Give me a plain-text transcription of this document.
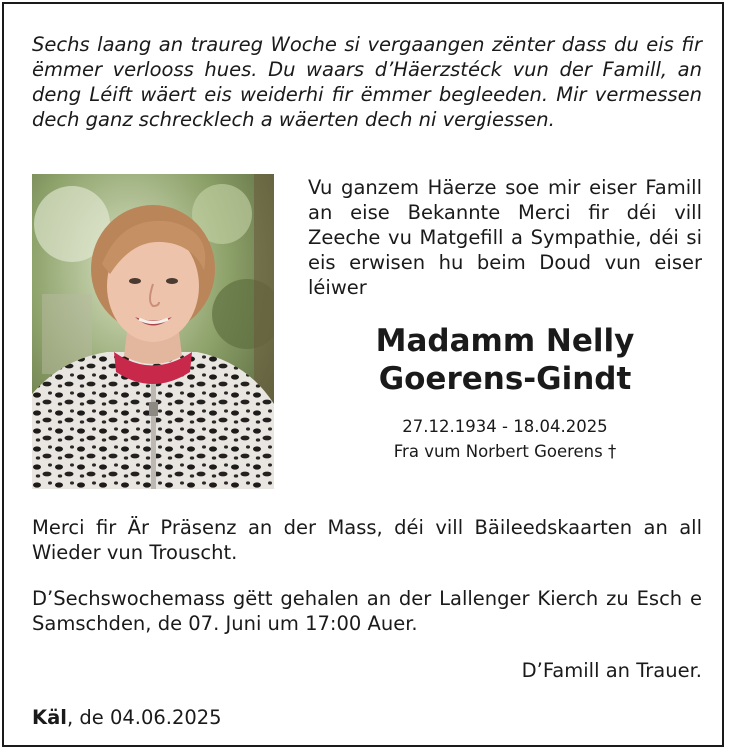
Sechs laang an traureg Woche si vergaangen zënter dass du eis fir ëmmer verlooss hues. Du waars d’Häerzstéck vun der Famill, an deng Léift wäert eis weiderhi fir ëmmer begleeden. Mir vermessen dech ganz schrecklech a wäerten dech ni vergiessen.

Vu ganzem Häerze soe mir eiser Famill an eise Bekannte Merci fir déi vill Zeeche vu Matgefill a Sympathie, déi si eis erwisen hu beim Doud vun eiser léiwer

Madamm Nelly
Goerens-Gindt

27.12.1934 - 18.04.2025

Fra vum Norbert Goerens †

Merci fir Är Präsenz an der Mass, déi vill Bäileedskaarten an all Wieder vun Trouscht.

D’Sechswochemass gëtt gehalen an der Lallenger Kierch zu Esch e Samschden, de 07. Juni um 17:00 Auer.

D’Famill an Trauer.

Käl, de 04.06.2025
